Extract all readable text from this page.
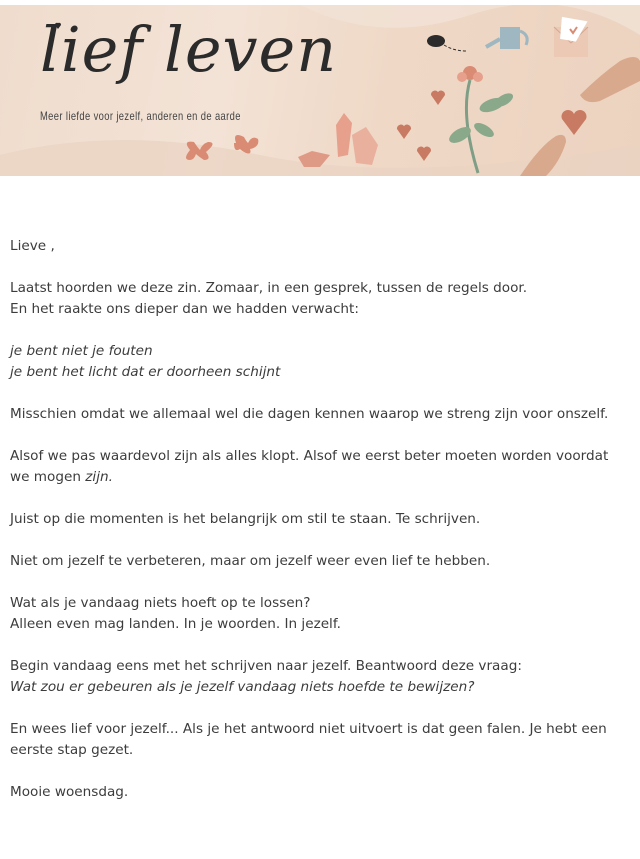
lief leven
Meer liefde voor jezelf, anderen en de aarde

Lieve ,

Laatst hoorden we deze zin. Zomaar, in een gesprek, tussen de regels door.

En het raakte ons dieper dan we hadden verwacht:

je bent niet je fouten

je bent het licht dat er doorheen schijnt

Misschien omdat we allemaal wel die dagen kennen waarop we streng zijn voor onszelf.

Alsof we pas waardevol zijn als alles klopt. Alsof we eerst beter moeten worden voordat we mogen zijn.

Juist op die momenten is het belangrijk om stil te staan. Te schrijven.

Niet om jezelf te verbeteren, maar om jezelf weer even lief te hebben.

Wat als je vandaag niets hoeft op te lossen?

Alleen even mag landen. In je woorden. In jezelf.

Begin vandaag eens met het schrijven naar jezelf. Beantwoord deze vraag:

Wat zou er gebeuren als je jezelf vandaag niets hoefde te bewijzen?

En wees lief voor jezelf... Als je het antwoord niet uitvoert is dat geen falen. Je hebt een eerste stap gezet.

Mooie woensdag.
